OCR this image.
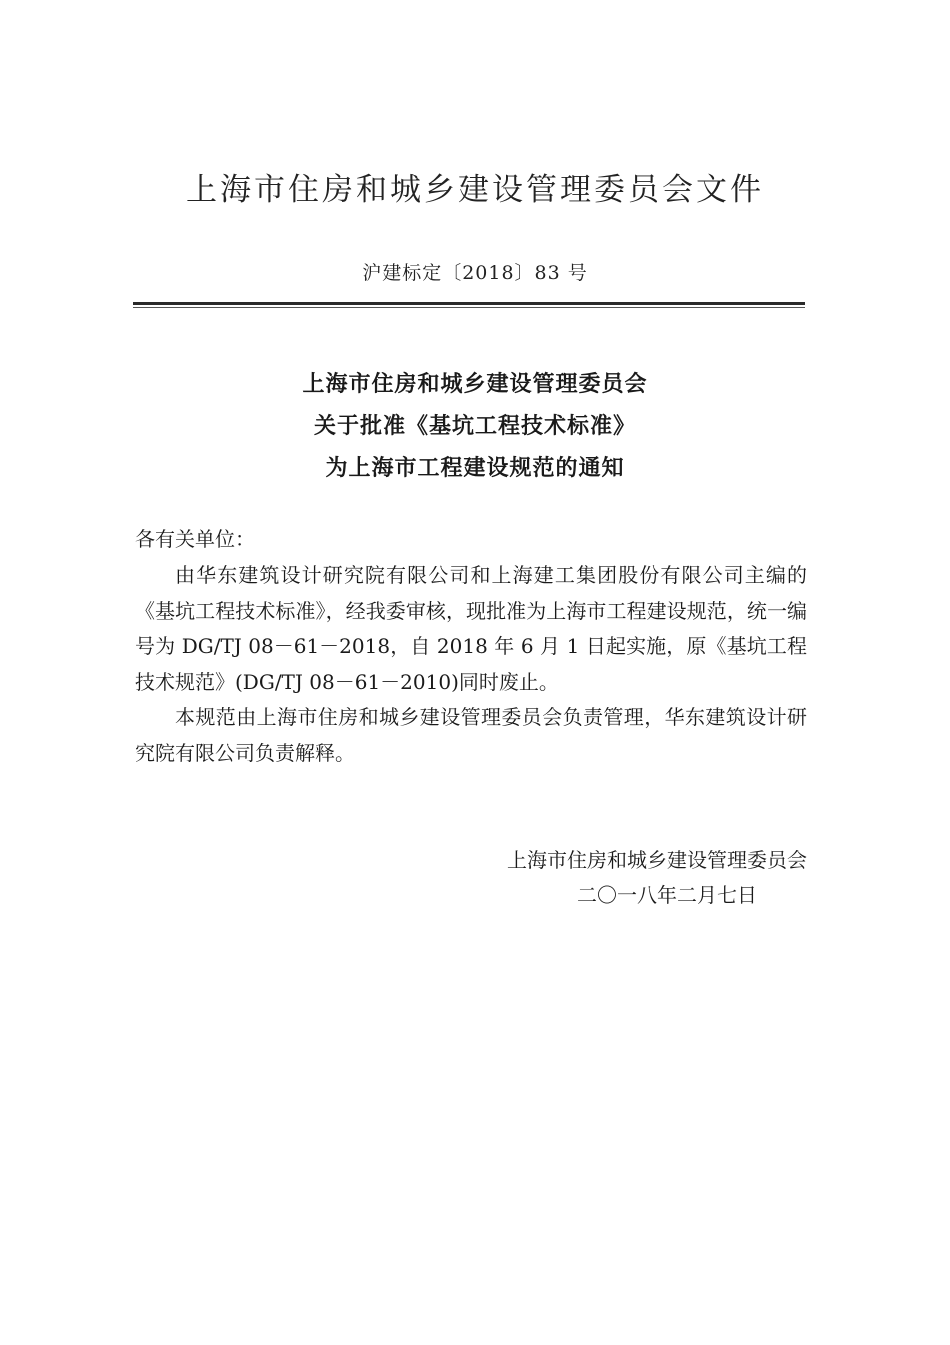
上海市住房和城乡建设管理委员会文件
沪建标定〔2018〕83 号
上海市住房和城乡建设管理委员会
关于批准《基坑工程技术标准》
为上海市工程建设规范的通知
各有关单位：

由华东建筑设计研究院有限公司和上海建工集团股份有限公司主编的《基坑工程技术标准》，经我委审核，现批准为上海市工程建设规范，统一编号为 DG/TJ 08－61－2018，自 2018 年 6 月 1 日起实施，原《基坑工程技术规范》(DG/TJ 08－61－2010)同时废止。

本规范由上海市住房和城乡建设管理委员会负责管理，华东建筑设计研究院有限公司负责解释。

上海市住房和城乡建设管理委员会
二〇一八年二月七日
